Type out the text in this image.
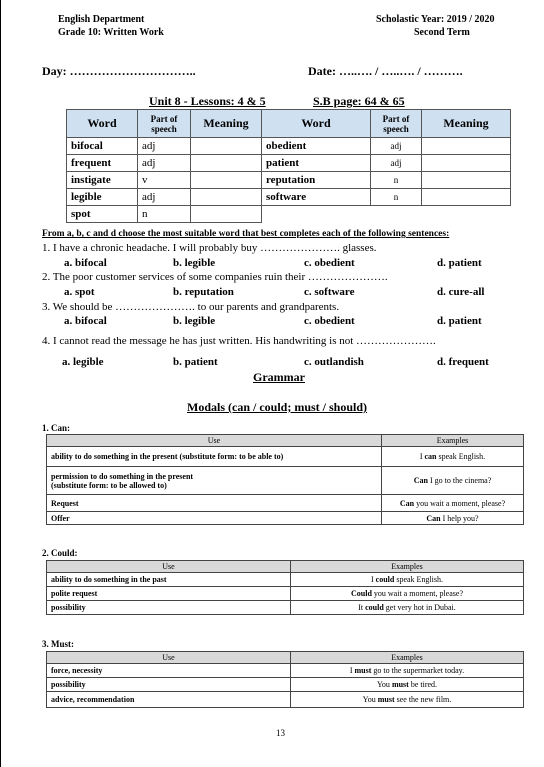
English Department
Grade 10: Written Work
Scholastic Year: 2019 / 2020
Second Term
Day: …………………………..	Date: …..…. / …..…. / ……….
Unit 8 - Lessons: 4 & 5	S.B page: 64 & 65
Word	Part of speech	Meaning	Word	Part of speech	Meaning
bifocal	adj		obedient	adj	
frequent	adj		patient	adj	
instigate	v		reputation	n	
legible	adj		software	n	
spot	n				
From a, b, c and d choose the most suitable word that best completes each of the following sentences:
1. I have a chronic headache. I will probably buy …………………. glasses.
a. bifocal	b. legible	c. obedient	d. patient
2. The poor customer services of some companies ruin their ………………….
a. spot	b. reputation	c. software	d. cure-all
3. We should be …………………. to our parents and grandparents.
a. bifocal	b. legible	c. obedient	d. patient
4. I cannot read the message he has just written. His handwriting is not ………………….
a. legible	b. patient	c. outlandish	d. frequent
Grammar
Modals (can / could; must / should)
1. Can:
Use	Examples
ability to do something in the present (substitute form: to be able to)	I can speak English.

permission to do something in the present
(substitute form: to be allowed to)	Can I go to the cinema?
Request	Can you wait a moment, please?
Offer	Can I help you?
2. Could:
Use	Examples
ability to do something in the past	I could speak English.
polite request	Could you wait a moment, please?
possibility	It could get very hot in Dubai.
3. Must:
Use	Examples
force, necessity	I must go to the supermarket today.
possibility	You must be tired.
advice, recommendation	You must see the new film.
13
